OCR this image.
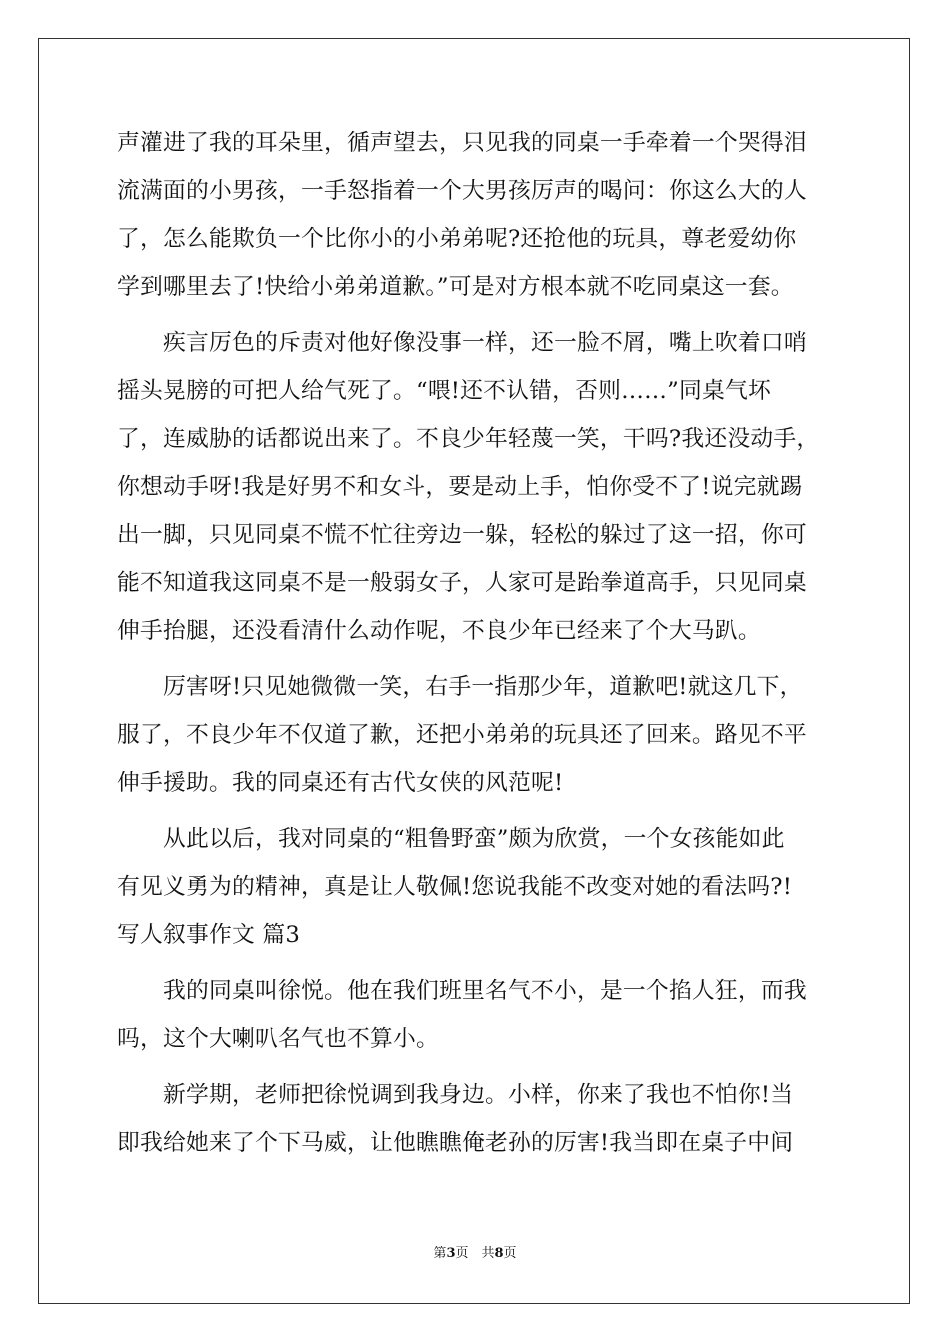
声灌进了我的耳朵里，循声望去，只见我的同桌一手牵着一个哭得泪
流满面的小男孩，一手怒指着一个大男孩厉声的喝问：你这么大的人
了，怎么能欺负一个比你小的小弟弟呢?还抢他的玩具，尊老爱幼你
学到哪里去了!快给小弟弟道歉。”可是对方根本就不吃同桌这一套。
疾言厉色的斥责对他好像没事一样，还一脸不屑，嘴上吹着口哨
摇头晃膀的可把人给气死了。“喂!还不认错，否则……”同桌气坏
了，连威胁的话都说出来了。不良少年轻蔑一笑，干吗?我还没动手，
你想动手呀!我是好男不和女斗，要是动上手，怕你受不了!说完就踢
出一脚，只见同桌不慌不忙往旁边一躲，轻松的躲过了这一招，你可
能不知道我这同桌不是一般弱女子，人家可是跆拳道高手，只见同桌
伸手抬腿，还没看清什么动作呢，不良少年已经来了个大马趴。
厉害呀!只见她微微一笑，右手一指那少年，道歉吧!就这几下，
服了，不良少年不仅道了歉，还把小弟弟的玩具还了回来。路见不平
伸手援助。我的同桌还有古代女侠的风范呢!
从此以后，我对同桌的“粗鲁野蛮”颇为欣赏，一个女孩能如此
有见义勇为的精神，真是让人敬佩!您说我能不改变对她的看法吗?!
写人叙事作文 篇3
我的同桌叫徐悦。他在我们班里名气不小，是一个掐人狂，而我
吗，这个大喇叭名气也不算小。
新学期，老师把徐悦调到我身边。小样，你来了我也不怕你!当
即我给她来了个下马威，让他瞧瞧俺老孙的厉害!我当即在桌子中间
第3页　共8页
